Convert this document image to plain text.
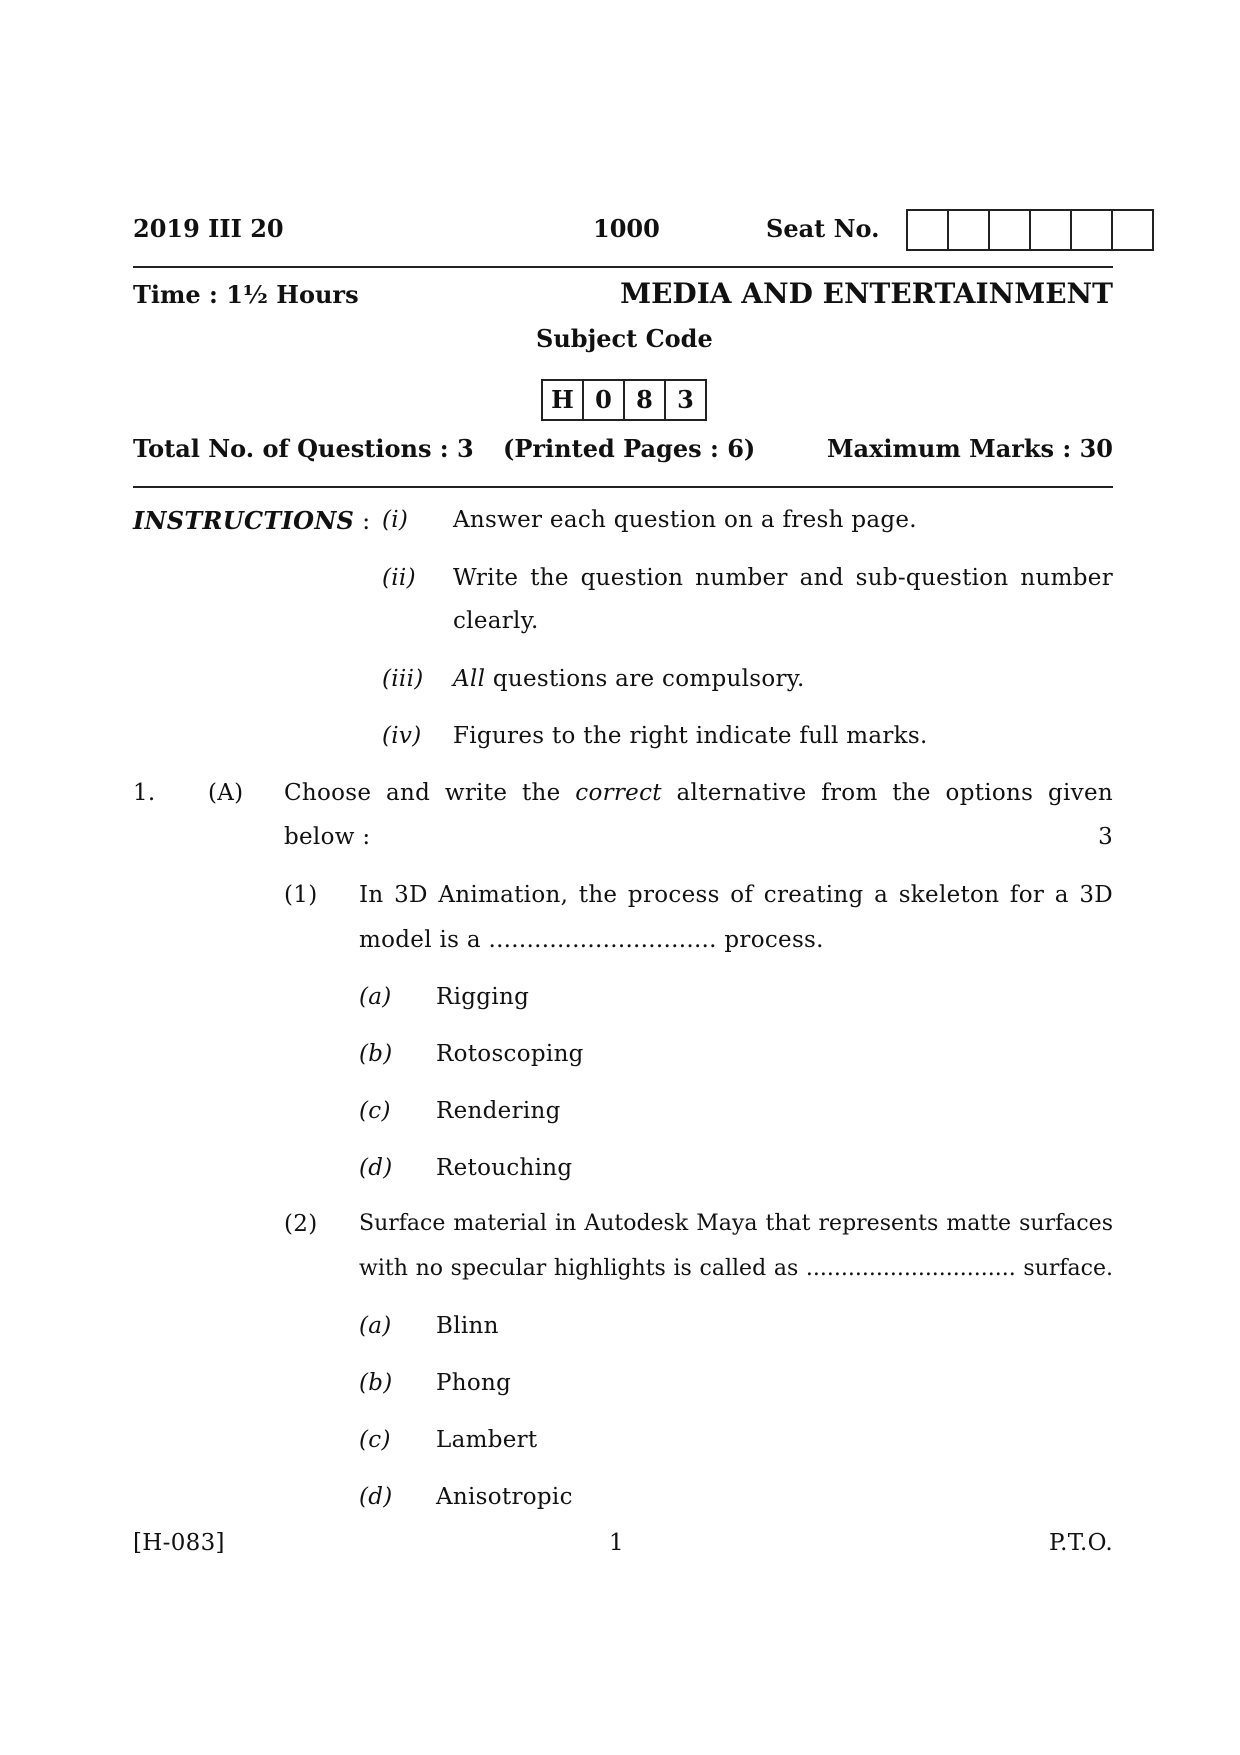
2019 III 20	1000	Seat No.
Time : 1½ Hours	MEDIA AND ENTERTAINMENT
Subject Code
H 0	8	3
Total No. of Questions : 3 (Printed Pages : 6)	Maximum Marks : 30
INSTRUCTIONS : (i) Answer each question on a fresh page.
(ii) Write the question number and sub-question number
clearly.
(iii) All questions are compulsory.
(iv) Figures to the right indicate full marks.
1. (A) Choose and write the correct alternative from the options given
below :	3
(1) In 3D Animation, the process of creating a skeleton for a 3D
model is a .............................. process.
(a) Rigging
(b) Rotoscoping
(c) Rendering
(d) Retouching
(2) Surface material in Autodesk Maya that represents matte surfaces
with no specular highlights is called as .............................. surface.
(a) Blinn
(b) Phong
(c) Lambert
(d) Anisotropic
[H-083]	1	P.T.O.
